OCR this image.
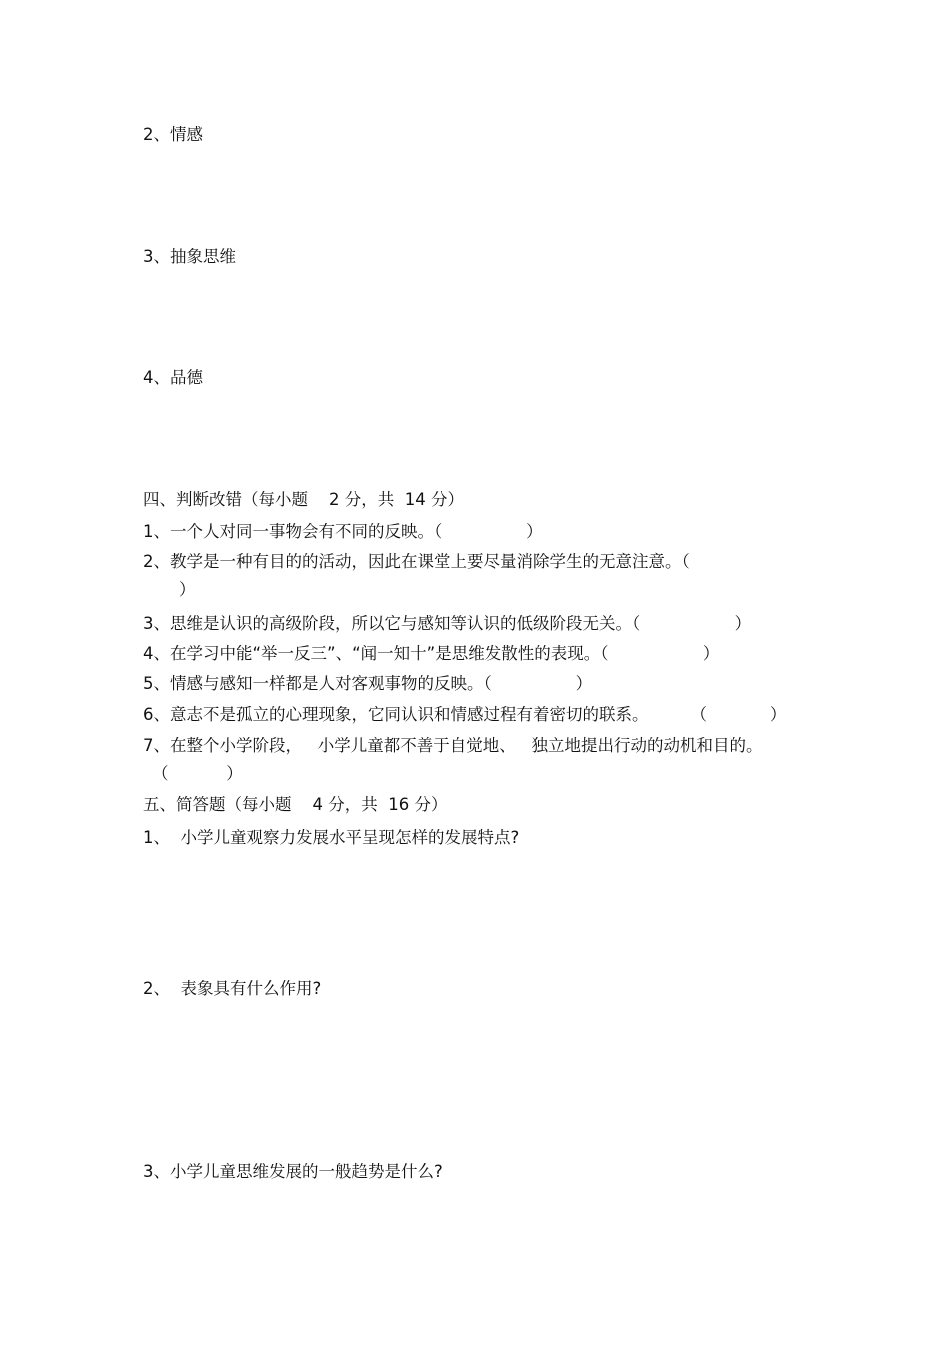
2、情感
3、抽象思维
4、品德
四、判断改错（每小题    2 分，共  14 分）
1、一个人对同一事物会有不同的反映。（                ）
2、教学是一种有目的的活动，因此在课堂上要尽量消除学生的无意注意。（
）
3、思维是认识的高级阶段，所以它与感知等认识的低级阶段无关。（                  ）
4、在学习中能“举一反三”、“闻一知十”是思维发散性的表现。（                  ）
5、情感与感知一样都是人对客观事物的反映。（                ）
6、意志不是孤立的心理现象，它同认识和情感过程有着密切的联系。        （            ）
7、在整个小学阶段，   小学儿童都不善于自觉地、   独立地提出行动的动机和目的。
（           ）
五、简答题（每小题    4 分，共  16 分）
1、  小学儿童观察力发展水平呈现怎样的发展特点?
2、  表象具有什么作用?
3、小学儿童思维发展的一般趋势是什么?
